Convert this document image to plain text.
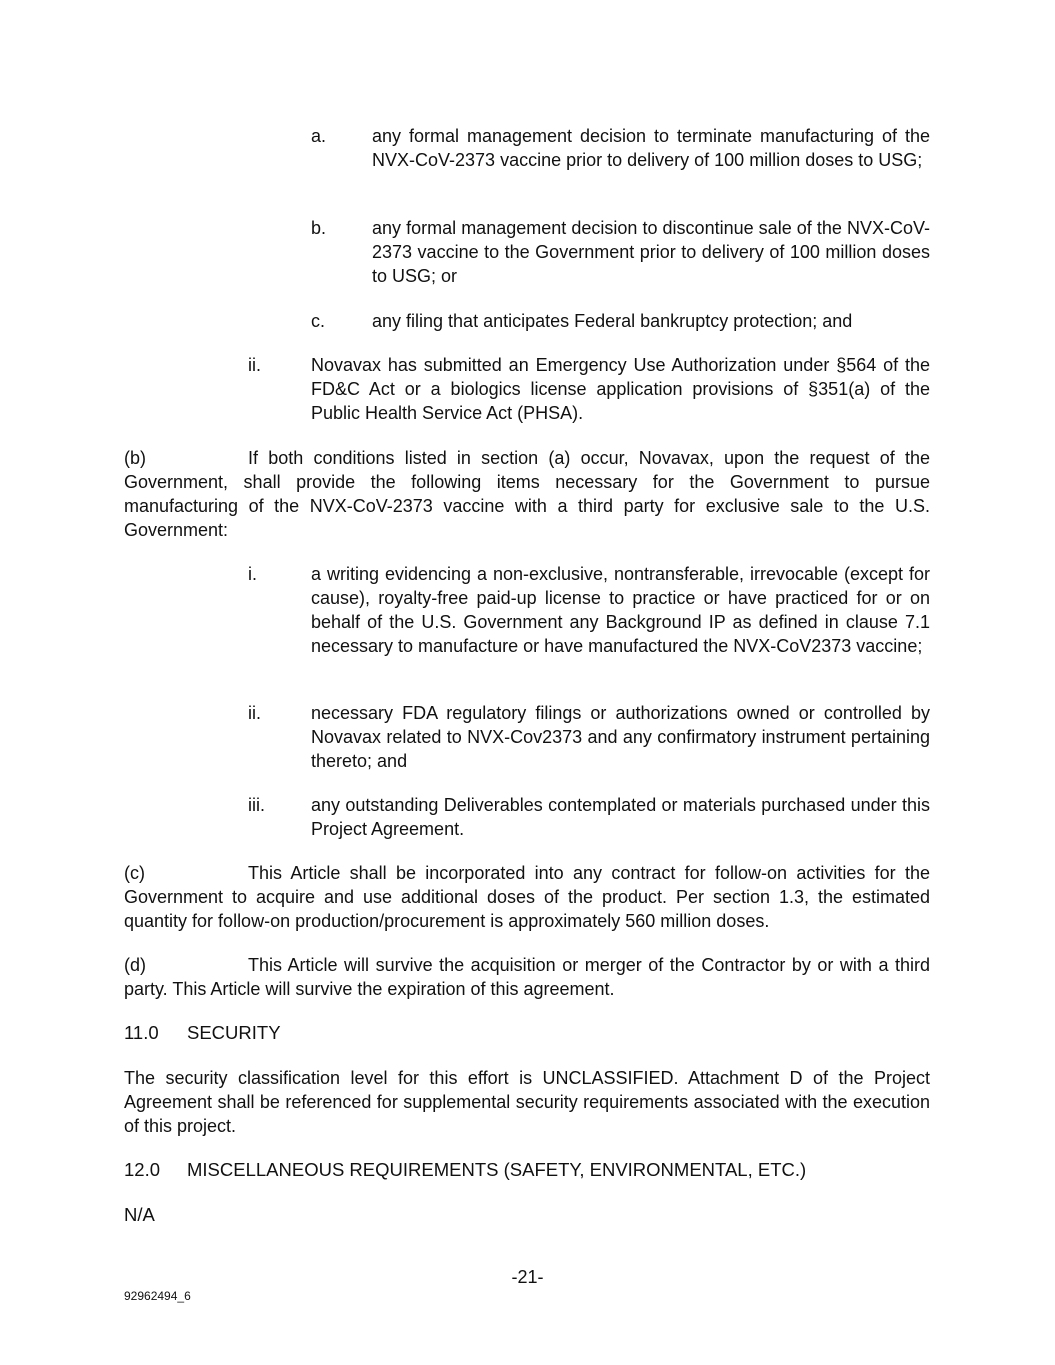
a.	any formal management decision to terminate manufacturing of the NVX-CoV-2373 vaccine prior to delivery of 100 million doses to USG;

b.	any formal management decision to discontinue sale of the NVX-CoV-2373 vaccine to the Government prior to delivery of 100 million doses to USG; or

c.	any filing that anticipates Federal bankruptcy protection; and

ii.	Novavax has submitted an Emergency Use Authorization under §564 of the FD&C Act or a biologics license application provisions of §351(a) of the Public Health Service Act (PHSA).

(b)	If both conditions listed in section (a) occur, Novavax, upon the request of the Government, shall provide the following items necessary for the Government to pursue manufacturing of the NVX-CoV-2373 vaccine with a third party for exclusive sale to the U.S. Government:

i.	a writing evidencing a non-exclusive, nontransferable, irrevocable (except for cause), royalty-free paid-up license to practice or have practiced for or on behalf of the U.S. Government any Background IP as defined in clause 7.1 necessary to manufacture or have manufactured the NVX-CoV2373 vaccine;

ii.	necessary FDA regulatory filings or authorizations owned or controlled by Novavax related to NVX-Cov2373 and any confirmatory instrument pertaining thereto; and

iii.	any outstanding Deliverables contemplated or materials purchased under this Project Agreement.

(c)	This Article shall be incorporated into any contract for follow-on activities for the Government to acquire and use additional doses of the product. Per section 1.3, the estimated quantity for follow-on production/procurement is approximately 560 million doses.

(d)	This Article will survive the acquisition or merger of the Contractor by or with a third party. This Article will survive the expiration of this agreement.

11.0 SECURITY

The security classification level for this effort is UNCLASSIFIED. Attachment D of the Project Agreement shall be referenced for supplemental security requirements associated with the execution of this project.

12.0 MISCELLANEOUS REQUIREMENTS (SAFETY, ENVIRONMENTAL, ETC.)
N/A
-21-
92962494_6
